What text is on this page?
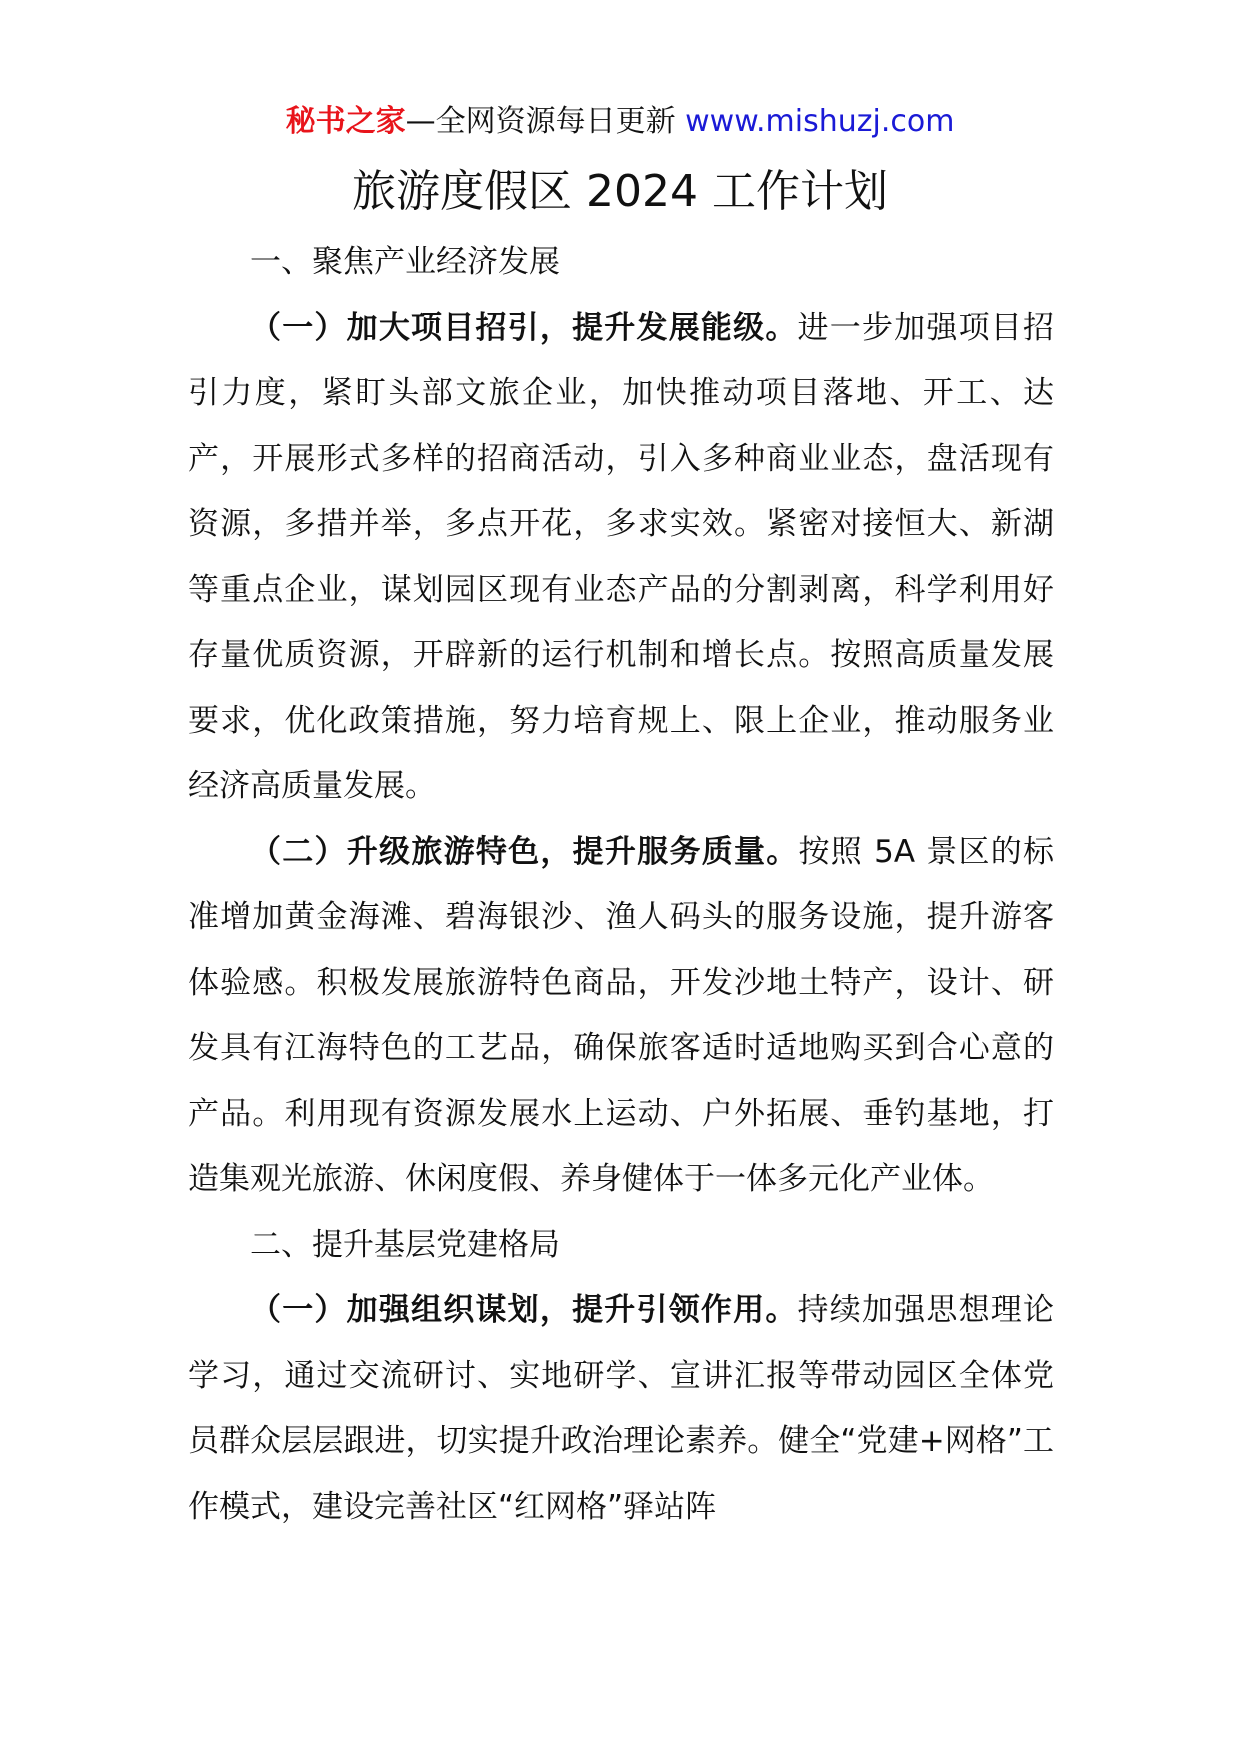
秘书之家—全网资源每日更新 www.mishuzj.com
旅游度假区 2024 工作计划

一、聚焦产业经济发展

（一）加大项目招引，提升发展能级。进一步加强项目招引力度，紧盯头部文旅企业，加快推动项目落地、开工、达产，开展形式多样的招商活动，引入多种商业业态，盘活现有资源，多措并举，多点开花，多求实效。紧密对接恒大、新湖等重点企业，谋划园区现有业态产品的分割剥离，科学利用好存量优质资源，开辟新的运行机制和增长点。按照高质量发展要求，优化政策措施，努力培育规上、限上企业，推动服务业经济高质量发展。

（二）升级旅游特色，提升服务质量。按照 5A 景区的标准增加黄金海滩、碧海银沙、渔人码头的服务设施，提升游客体验感。积极发展旅游特色商品，开发沙地土特产，设计、研发具有江海特色的工艺品，确保旅客适时适地购买到合心意的产品。利用现有资源发展水上运动、户外拓展、垂钓基地，打造集观光旅游、休闲度假、养身健体于一体多元化产业体。

二、提升基层党建格局

（一）加强组织谋划，提升引领作用。持续加强思想理论学习，通过交流研讨、实地研学、宣讲汇报等带动园区全体党员群众层层跟进，切实提升政治理论素养。健全“党建+网格”工作模式，建设完善社区“红网格”驿站阵
